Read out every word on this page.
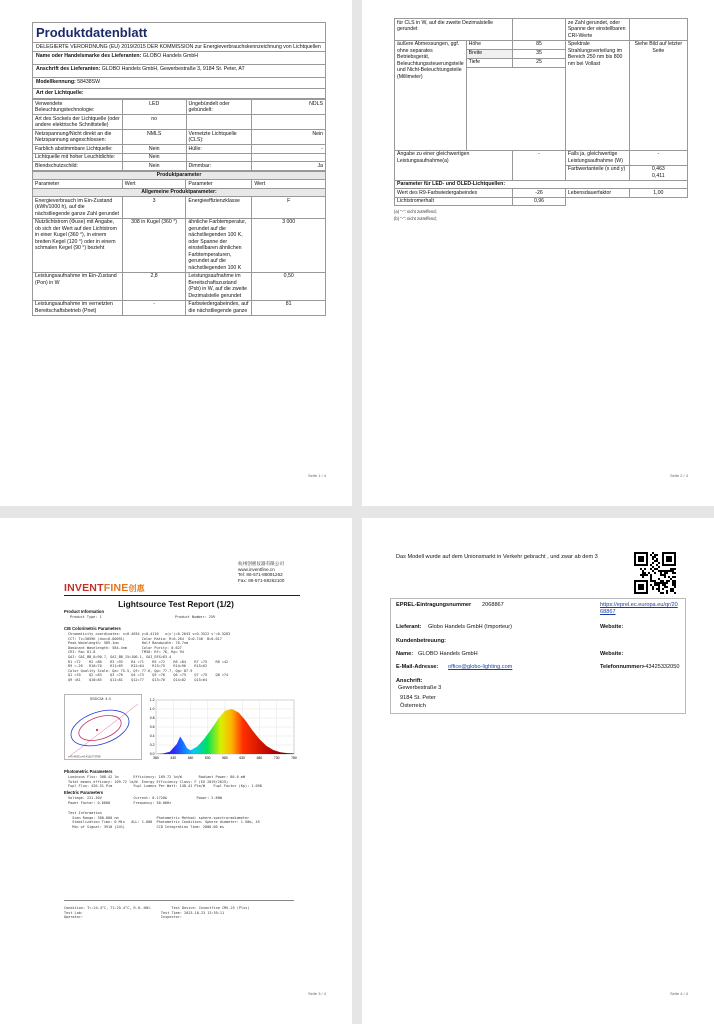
Produktdatenblatt
DELEGIERTE VERORDNUNG (EU) 2019/2015 DER KOMMISSION zur Energieverbrauchskennzeichnung von Lichtquellen
Name oder Handelsmarke des Lieferanten: GLOBO Handels GmbH
Anschrift des Lieferanten: GLOBO Handels GmbH, Gewerbestraße 3, 9184 St. Peter, AT
Modellkennung: 58438SW
Art der Lichtquelle:
Verwendete Beleuchtungstechnologie:	LED	Ungebündelt oder gebündelt:	NDLS
Art des Sockels der Lichtquelle (oder andere elektrische Schnittstelle)	no		
Netzspannung/Nicht direkt an die Netzspannung angeschlossen:	NMLS	Vernetzte Lichtquelle (CLS):	Nein
Farblich abstimmbare Lichtquelle:	Nein	Hülle:	-
Lichtquelle mit hoher Leuchtdichte:	Nein		
Blendschutzschild:	Nein	Dimmbar:	Ja
Produktparameter			
Parameter	Wert	Parameter	Wert
Allgemeine Produktparameter:			
Energieverbrauch im Ein-Zustand (kWh/1000 h), auf die nächstliegende ganze Zahl gerundet	3	Energieeffizienzklasse	F
Nutzlichtstrom (Φuse) mit Angabe, ob sich der Wert auf den Lichtstrom in einer Kugel (360 °), in einem breiten Kegel (120 °) oder in einem schmalen Kegel (90 °) bezieht	308 in Kugel (360 °)	ähnliche Farbtemperatur, gerundet auf die nächstliegenden 100 K, oder Spanne der einstellbaren ähnlichen Farbtemperaturen, gerundet auf die nächstliegenden 100 K	3 000
Leistungsaufnahme im Ein-Zustand (Pon) in W	2,8	Leistungsaufnahme im Bereitschaftszustand (Psb) in W, auf die zweite Dezimalstelle gerundet	0,50
Leistungsaufnahme im vernetzten Bereitschaftsbetrieb (Pnet)	-	Farbwiedergabeindex, auf die nächstliegende ganze	81
Seite 1 / 4
für CLS in W, auf die zweite Dezimalstelle gerundet			ze Zahl gerundet, oder Spanne der einstellbaren CRI-Werte	
äußere Abmessungen, ggf. ohne separates Betriebsgerät, Beleuchtungssteuerungsteile und Nicht-Beleuchtungsteile (Millimeter)	Höhe	85	Spektrale Strahlungsverteilung im Bereich 250 nm bis 800 nm bei Vollast	Siehe Bild auf letzter Seite
	Breite	35		
	Tiefe	25		

Angabe zu einer gleichwertigen Leistungsaufnahme(a)		-	Falls ja, gleichwertige Leistungsaufnahme (W)	-
			Farbwertanteile (x und y)	0,463
0,411
Parameter für LED- und OLED-Lichtquellen:				
Wert des R9-Farbwiedergabeindex		-26	Lebensdauerfaktor	1,00
Lichtstromerhalt		0,96		
(a) "-": nicht zutreffend;
(b) "-": nicht zutreffend;
Seite 2 / 4
INVENTFINE创惠
杭州创惠仪器有限公司
www.inventfine.cn
Tel: 86-571-88091262
Fax: 86-571-88262100
Lightsource Test Report (1/2)
Product Information
Product Type: 1	Product Number: 259
CIE Colorimetric Parameters
Chromaticity coordinates: x=0.4634 y=0.4116   u(u')=0.2643 v=0.3522 v'=0.5283
CCT: Tc=3059K (duv=0.00091)        Color Ratio: R=0.264  G=0.740  B=0.017
Peak Wavelength: 589.1nm           Half Bandwidth: 76.7nm
Dominant Wavelength: 584.4nm       Color Purity: 0.627
CRI: Ra= 81.8                      TM30: Rf= 76, Rg= 94
GAI: GAI_BB_8=90.7, GAI_BB_15=100.1, GAI_EES=63.4
R1 =72    R2 =86    R3 =93    R4 =71    R5 =72    R6 =84    R7 =75    R8 =42
R9 =-26   R10=70    R11=69    R12=64    R13=75    R14=96    R15=62
Color Quality Scale: Qa= 75.5, Qf= 77.6, Qp= 77.7, Qg= 87.9
Q1 =70    Q2 =83    Q3 =78    Q4 =73    Q5 =76    Q6 =75    Q7 =75    Q8 =74
Q9 =81    Q10=85    Q11=81    Q12=77    Q13=76    Q14=82    Q15=64
5SDCM: 4.3
x=0.4635 y=0.4115 F3789
0.0
0.2
0.4
0.6
0.8
1.0
1.2
380	430	480	530	580	630	680	730	780
Photometric Parameters
Luminous Flux: 308.42 lm       Efficiency: 109.72 lm/W        Radiant Power: 80.6 mW
Total means efficacy: 109.72 lm/W  Energy Efficiency Class: F (EU 2019/2015)
Fupl Flux: 420.51 Pim          Fupl Lumens Per Watt: 148.41 Plm/W    Fupl Factor (Kp): 1.098
Electric Parameters
Voltage: 221.30V               Current: 0.1720A              Power: 2.80W
Power Factor: 0.6600           Frequency: 50.00Hz
Test Information
Scan Range: 380-800 nm                  Photometric Method: sphere-spectroradiometer
Stabilization Time: 0 Min   ALL: 1.000  Photometric Condition: Sphere diameter: 1.50m, 45
Min of Signal: 3910 (24%)               CCD Integration Time: 2000.00 ms
Condition: T=:24.4°C, T1:25.4°C, R.H.:60%          Test Device: Inventfine CMS-25 (Plus)
Test Lab:                                     Test Time: 2023-10-23 13:55:11
Operator:                                     Inspector:
Seite 3 / 4
Das Modell wurde auf dem Unionsmarkt in Verkehr gebracht , und zwar ab dem 3
EPREL-Eintragungsnummer 2068867	https://eprel.ec.europa.eu/qr/2068867
Lieferant: Globo Handels GmbH (Importeur)	Website:
Kundenbetreuung:
Name: GLOBO Handels GmbH	Website:
E-Mail-Adresse: office@globo-lighting.com	Telefonnummer:
+43425332050
Anschrift:
Gewerbestraße 3
9184 St. Peter
Österreich
Seite 4 / 4
